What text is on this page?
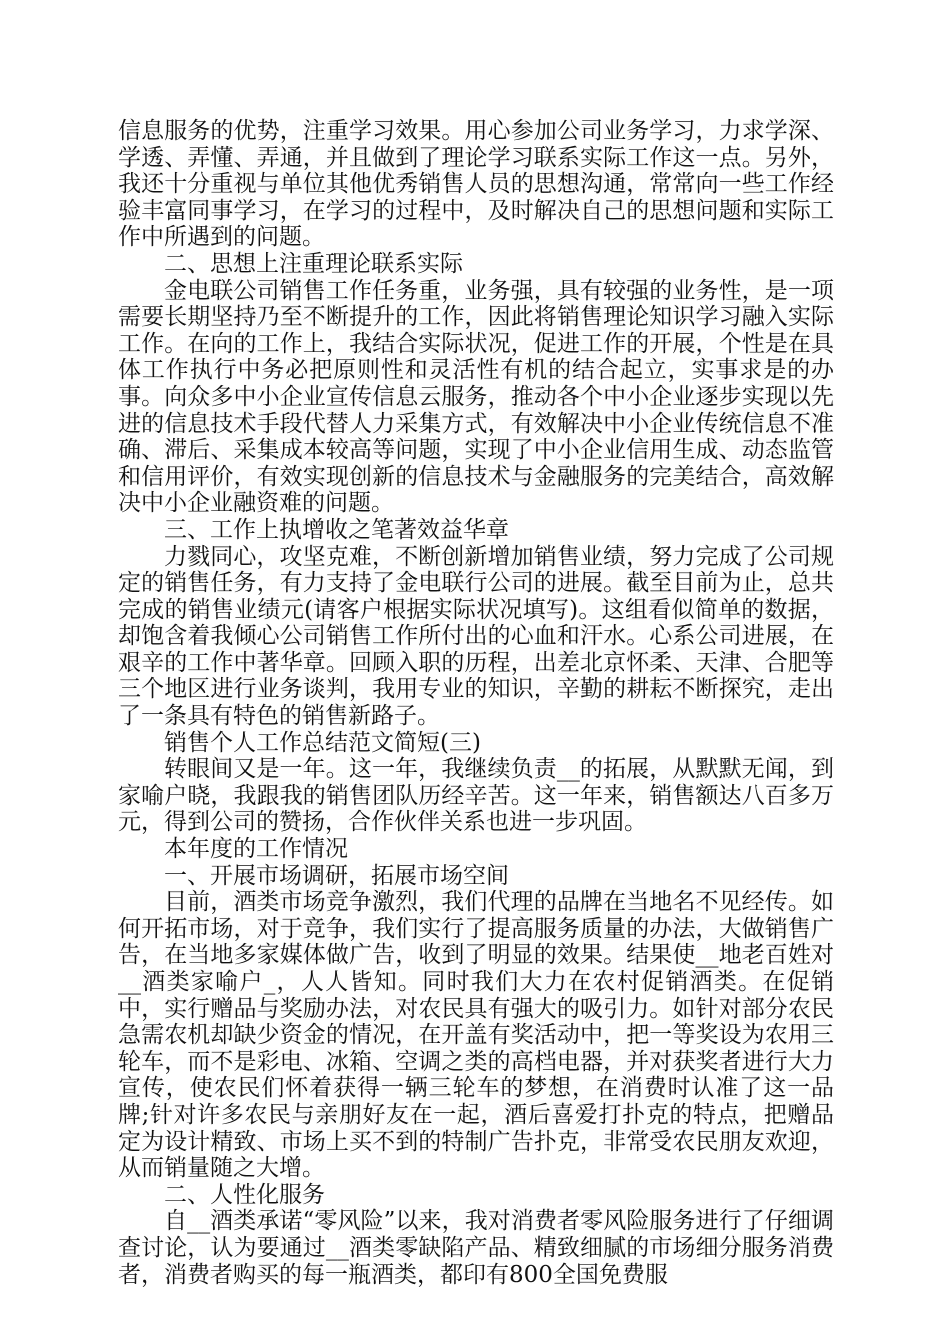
信息服务的优势，注重学习效果。用心参加公司业务学习，力求学深、学透、弄懂、弄通，并且做到了理论学习联系实际工作这一点。另外，我还十分重视与单位其他优秀销售人员的思想沟通，常常向一些工作经验丰富同事学习，在学习的过程中，及时解决自己的思想问题和实际工作中所遇到的问题。

二、思想上注重理论联系实际

金电联公司销售工作任务重，业务强，具有较强的业务性，是一项需要长期坚持乃至不断提升的工作，因此将销售理论知识学习融入实际工作。在向的工作上，我结合实际状况，促进工作的开展，个性是在具体工作执行中务必把原则性和灵活性有机的结合起立，实事求是的办事。向众多中小企业宣传信息云服务，推动各个中小企业逐步实现以先进的信息技术手段代替人力采集方式，有效解决中小企业传统信息不准确、滞后、采集成本较高等问题，实现了中小企业信用生成、动态监管和信用评价，有效实现创新的信息技术与金融服务的完美结合，高效解决中小企业融资难的问题。

三、工作上执增收之笔著效益华章

力戮同心，攻坚克难，不断创新增加销售业绩，努力完成了公司规定的销售任务，有力支持了金电联行公司的进展。截至目前为止，总共完成的销售业绩元(请客户根据实际状况填写)。这组看似简单的数据，却饱含着我倾心公司销售工作所付出的心血和汗水。心系公司进展，在艰辛的工作中著华章。回顾入职的历程，出差北京怀柔、天津、合肥等三个地区进行业务谈判，我用专业的知识，辛勤的耕耘不断探究，走出了一条具有特色的销售新路子。

销售个人工作总结范文简短(三)

转眼间又是一年。这一年，我继续负责__的拓展，从默默无闻，到家喻户晓，我跟我的销售团队历经辛苦。这一年来，销售额达八百多万元，得到公司的赞扬，合作伙伴关系也进一步巩固。

本年度的工作情况

一、开展市场调研，拓展市场空间

目前，酒类市场竞争激烈，我们代理的品牌在当地名不见经传。如何开拓市场，对于竞争，我们实行了提高服务质量的办法，大做销售广告，在当地多家媒体做广告，收到了明显的效果。结果使__地老百姓对__酒类家喻户_，人人皆知。同时我们大力在农村促销酒类。在促销中，实行赠品与奖励办法，对农民具有强大的吸引力。如针对部分农民急需农机却缺少资金的情况，在开盖有奖活动中，把一等奖设为农用三轮车，而不是彩电、冰箱、空调之类的高档电器，并对获奖者进行大力宣传，使农民们怀着获得一辆三轮车的梦想，在消费时认准了这一品牌;针对许多农民与亲朋好友在一起，酒后喜爱打扑克的特点，把赠品定为设计精致、市场上买不到的特制广告扑克，非常受农民朋友欢迎，从而销量随之大增。

二、人性化服务

自__酒类承诺“零风险”以来，我对消费者零风险服务进行了仔细调查讨论，认为要通过__酒类零缺陷产品、精致细腻的市场细分服务消费者，消费者购买的每一瓶酒类，都印有800全国免费服
